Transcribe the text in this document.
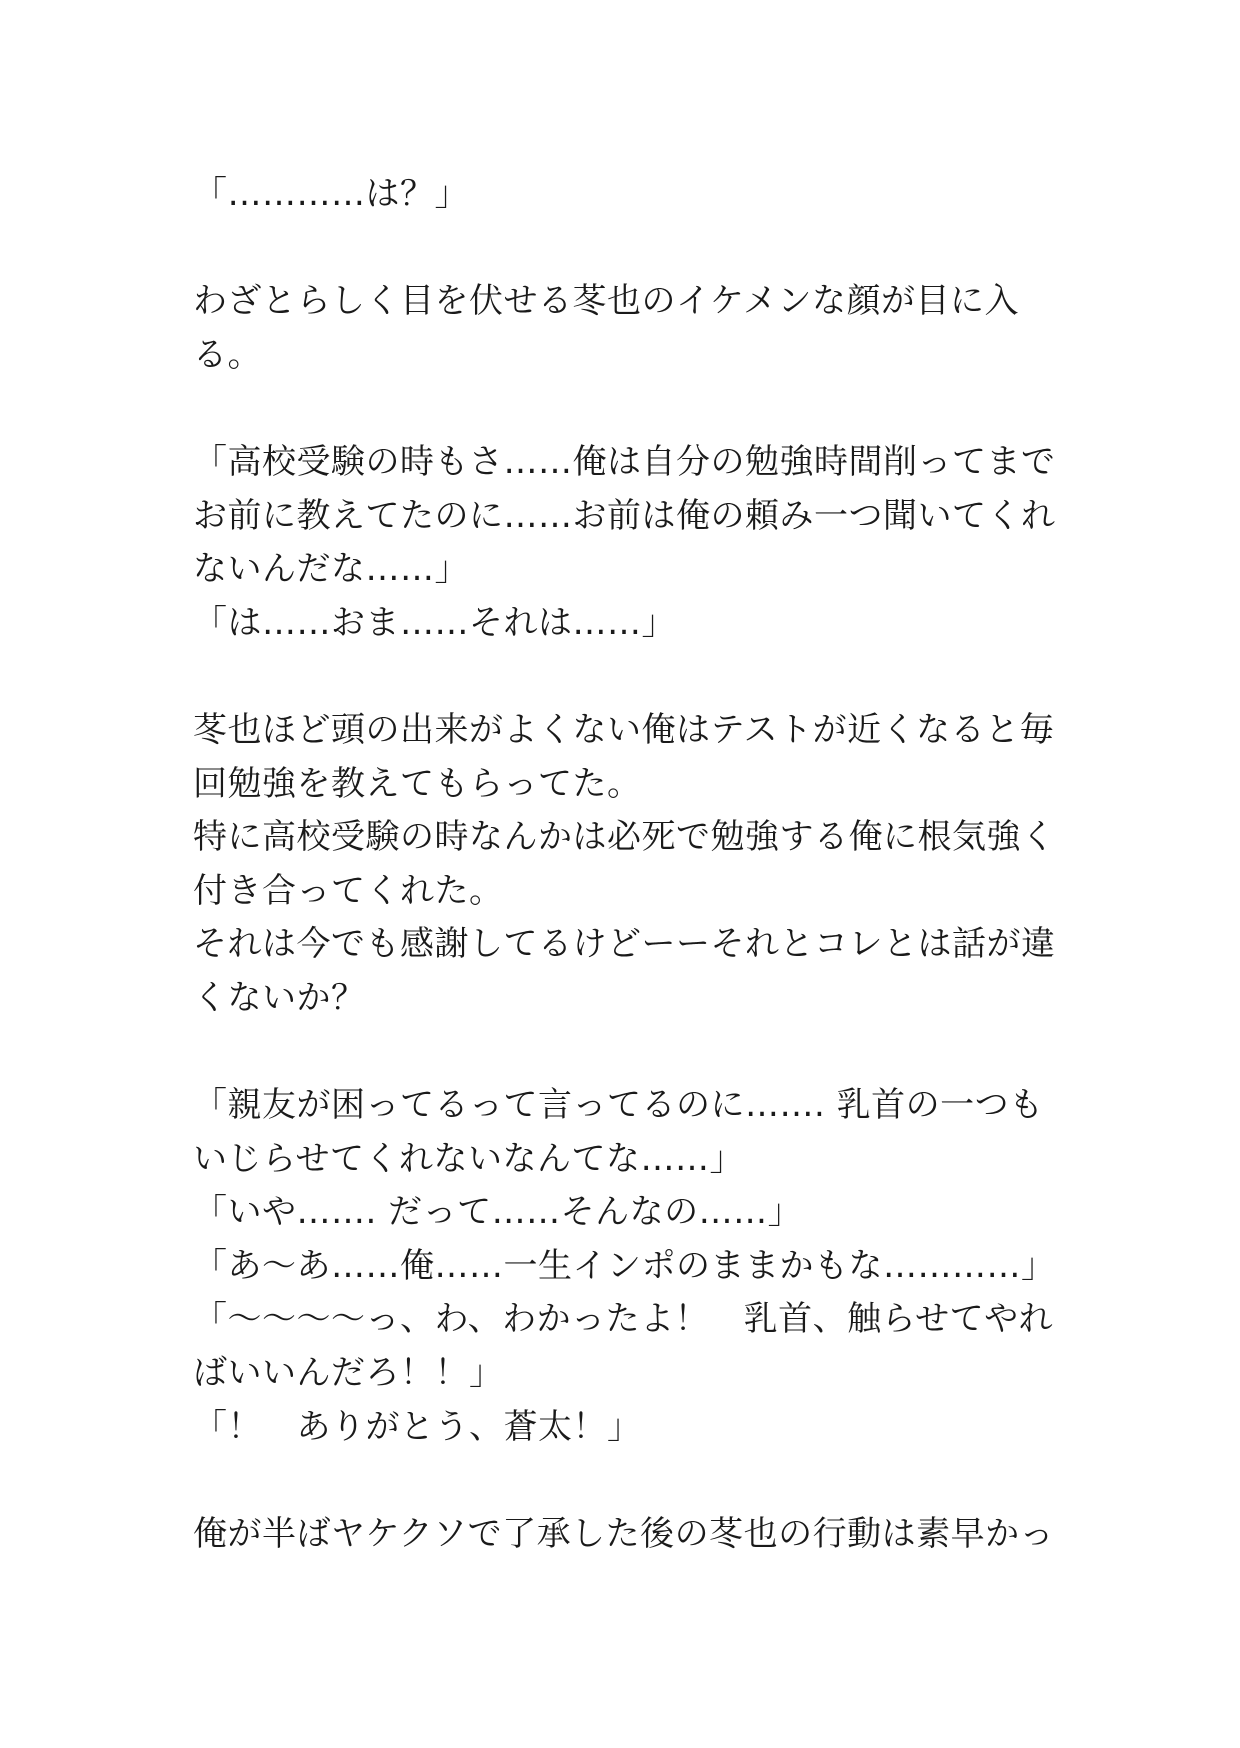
「…………は？」
わざとらしく目を伏せる苳也のイケメンな顔が目に入
る。
「高校受験の時もさ……俺は自分の勉強時間削ってまで
お前に教えてたのに……お前は俺の頼み一つ聞いてくれ
ないんだな……」
「は……おま……それは……」
苳也ほど頭の出来がよくない俺はテストが近くなると毎
回勉強を教えてもらってた。
特に高校受験の時なんかは必死で勉強する俺に根気強く
付き合ってくれた。
それは今でも感謝してるけどーーそれとコレとは話が違
くないか？
「親友が困ってるって言ってるのに……. 乳首の一つも
いじらせてくれないなんてな……」
「いや……. だって……そんなの……」
「あ〜あ……俺……一生インポのままかもな…………」
「〜〜〜〜っ、わ、わかったよ！　乳首、触らせてやれ
ばいいんだろ！！」
「！　ありがとう、蒼太！」
俺が半ばヤケクソで了承した後の苳也の行動は素早かっ
